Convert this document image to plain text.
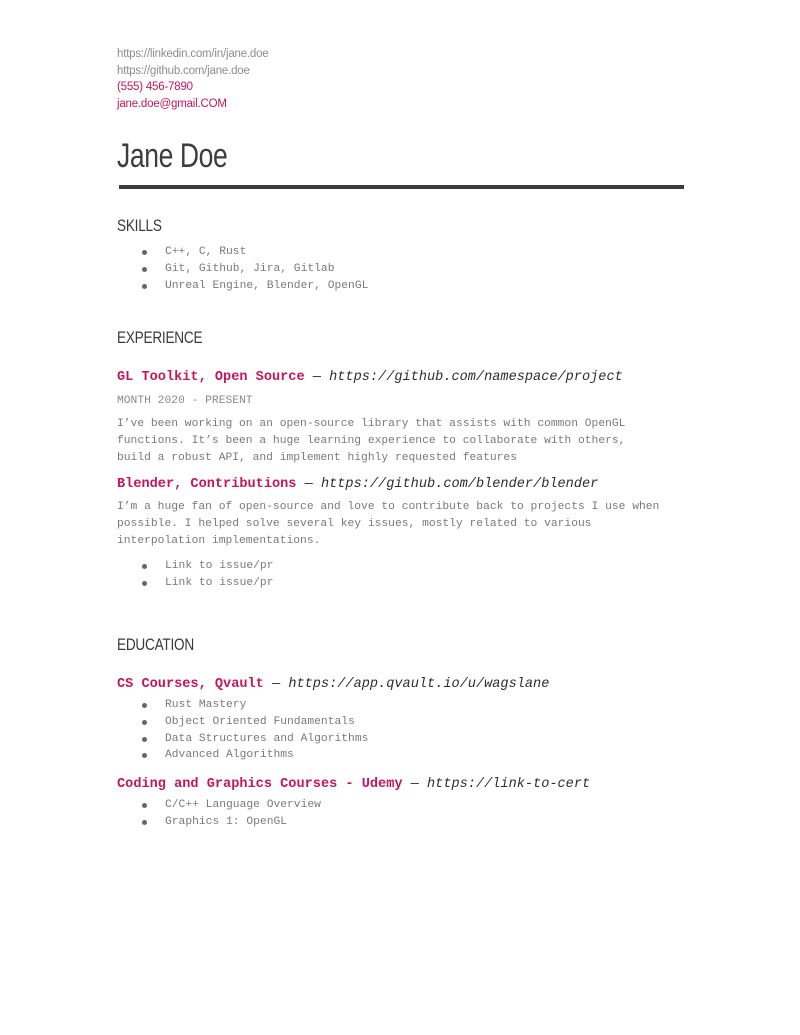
https://linkedin.com/in/jane.doe
https://github.com/jane.doe
(555) 456-7890
jane.doe@gmail.COM
Jane Doe
SKILLS
C++, C, Rust
Git, Github, Jira, Gitlab
Unreal Engine, Blender, OpenGL
EXPERIENCE
GL Toolkit, Open Source — https://github.com/namespace/project
MONTH 2020 - PRESENT
I’ve been working on an open-source library that assists with common OpenGL
functions. It’s been a huge learning experience to collaborate with others,
build a robust API, and implement highly requested features
Blender, Contributions — https://github.com/blender/blender
I’m a huge fan of open-source and love to contribute back to projects I use when
possible. I helped solve several key issues, mostly related to various
interpolation implementations.
Link to issue/pr
Link to issue/pr
EDUCATION
CS Courses, Qvault — https://app.qvault.io/u/wagslane
Rust Mastery
Object Oriented Fundamentals
Data Structures and Algorithms
Advanced Algorithms
Coding and Graphics Courses - Udemy — https://link-to-cert
C/C++ Language Overview
Graphics 1: OpenGL
